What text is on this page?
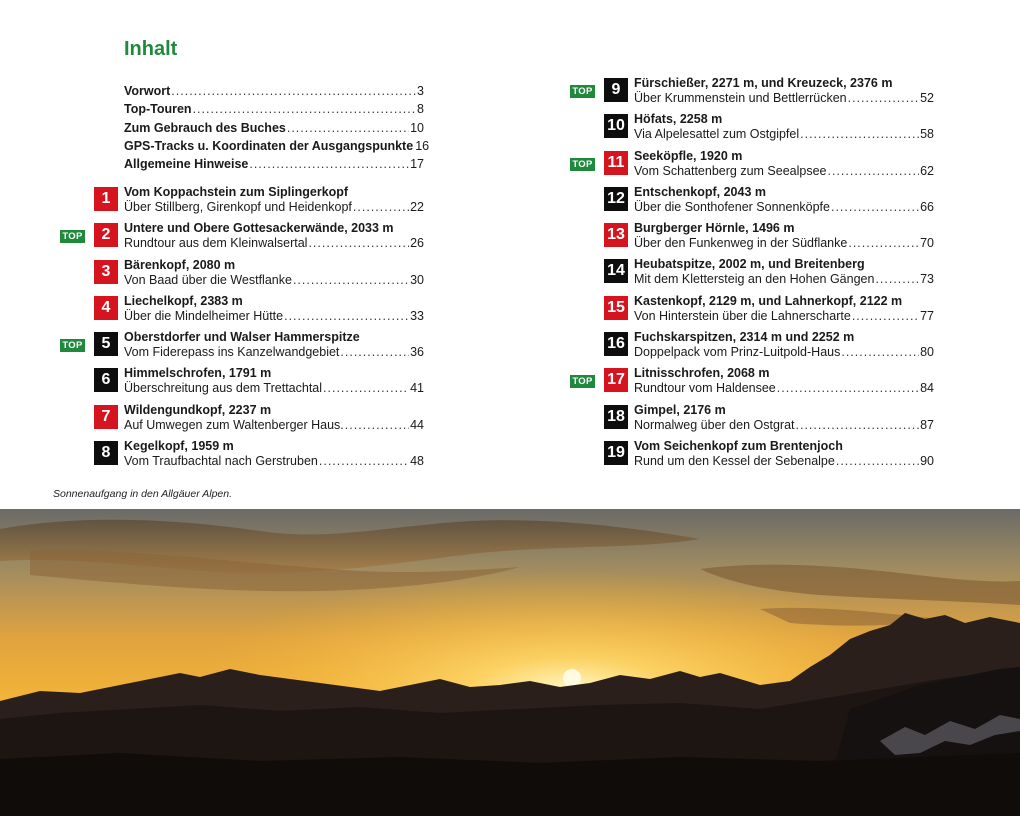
Inhalt
Vorwort .....	3
Top-Touren .....	8
Zum Gebrauch des Buches .....	10
GPS-Tracks u. Koordinaten der Ausgangspunkte 16
Allgemeine Hinweise .....	17
1	Vom Koppachstein zum Siplingerkopf
Über Stillberg, Girenkopf und Heidenkopf .....	22
TOP	2	Untere und Obere Gottesackerwände, 2033 m
Rundtour aus dem Kleinwalsertal .....	26
3	Bärenkopf, 2080 m
Von Baad über die Westflanke .....	30
4	Liechelkopf, 2383 m
Über die Mindelheimer Hütte .....	33
TOP	5	Oberstdorfer und Walser Hammerspitze
Vom Fiderepass ins Kanzelwandgebiet .....	36
6	Himmelschrofen, 1791 m
Überschreitung aus dem Trettachtal .....	41
7	Wildengundkopf, 2237 m
Auf Umwegen zum Waltenberger Haus. .....	44
8	Kegelkopf, 1959 m
Vom Traufbachtal nach Gerstruben .....	48
TOP	9	Fürschießer, 2271 m, und Kreuzeck, 2376 m
Über Krummenstein und Bettlerrücken .....	52
10 Höfats, 2258 m
Via Alpelesattel zum Ostgipfel .....	58
TOP 11 Seeköpfle, 1920 m
Vom Schattenberg zum Seealpsee .....	62
12 Entschenkopf, 2043 m
Über die Sonthofener Sonnenköpfe .....	66
13 Burgberger Hörnle, 1496 m
Über den Funkenweg in der Südflanke .....	70
14 Heubatspitze, 2002 m, und Breitenberg
Mit dem Klettersteig an den Hohen Gängen .....	73
15 Kastenkopf, 2129 m, und Lahnerkopf, 2122 m
Von Hinterstein über die Lahnerscharte .....	77
16 Fuchskarspitzen, 2314 m und 2252 m
Doppelpack vom Prinz-Luitpold-Haus .....	80
TOP 17 Litnisschrofen, 2068 m
Rundtour vom Haldensee .....	84
18 Gimpel, 2176 m
Normalweg über den Ostgrat .....	87
19 Vom Seichenkopf zum Brentenjoch
Rund um den Kessel der Sebenalpe .....	90
Sonnenaufgang in den Allgäuer Alpen.
